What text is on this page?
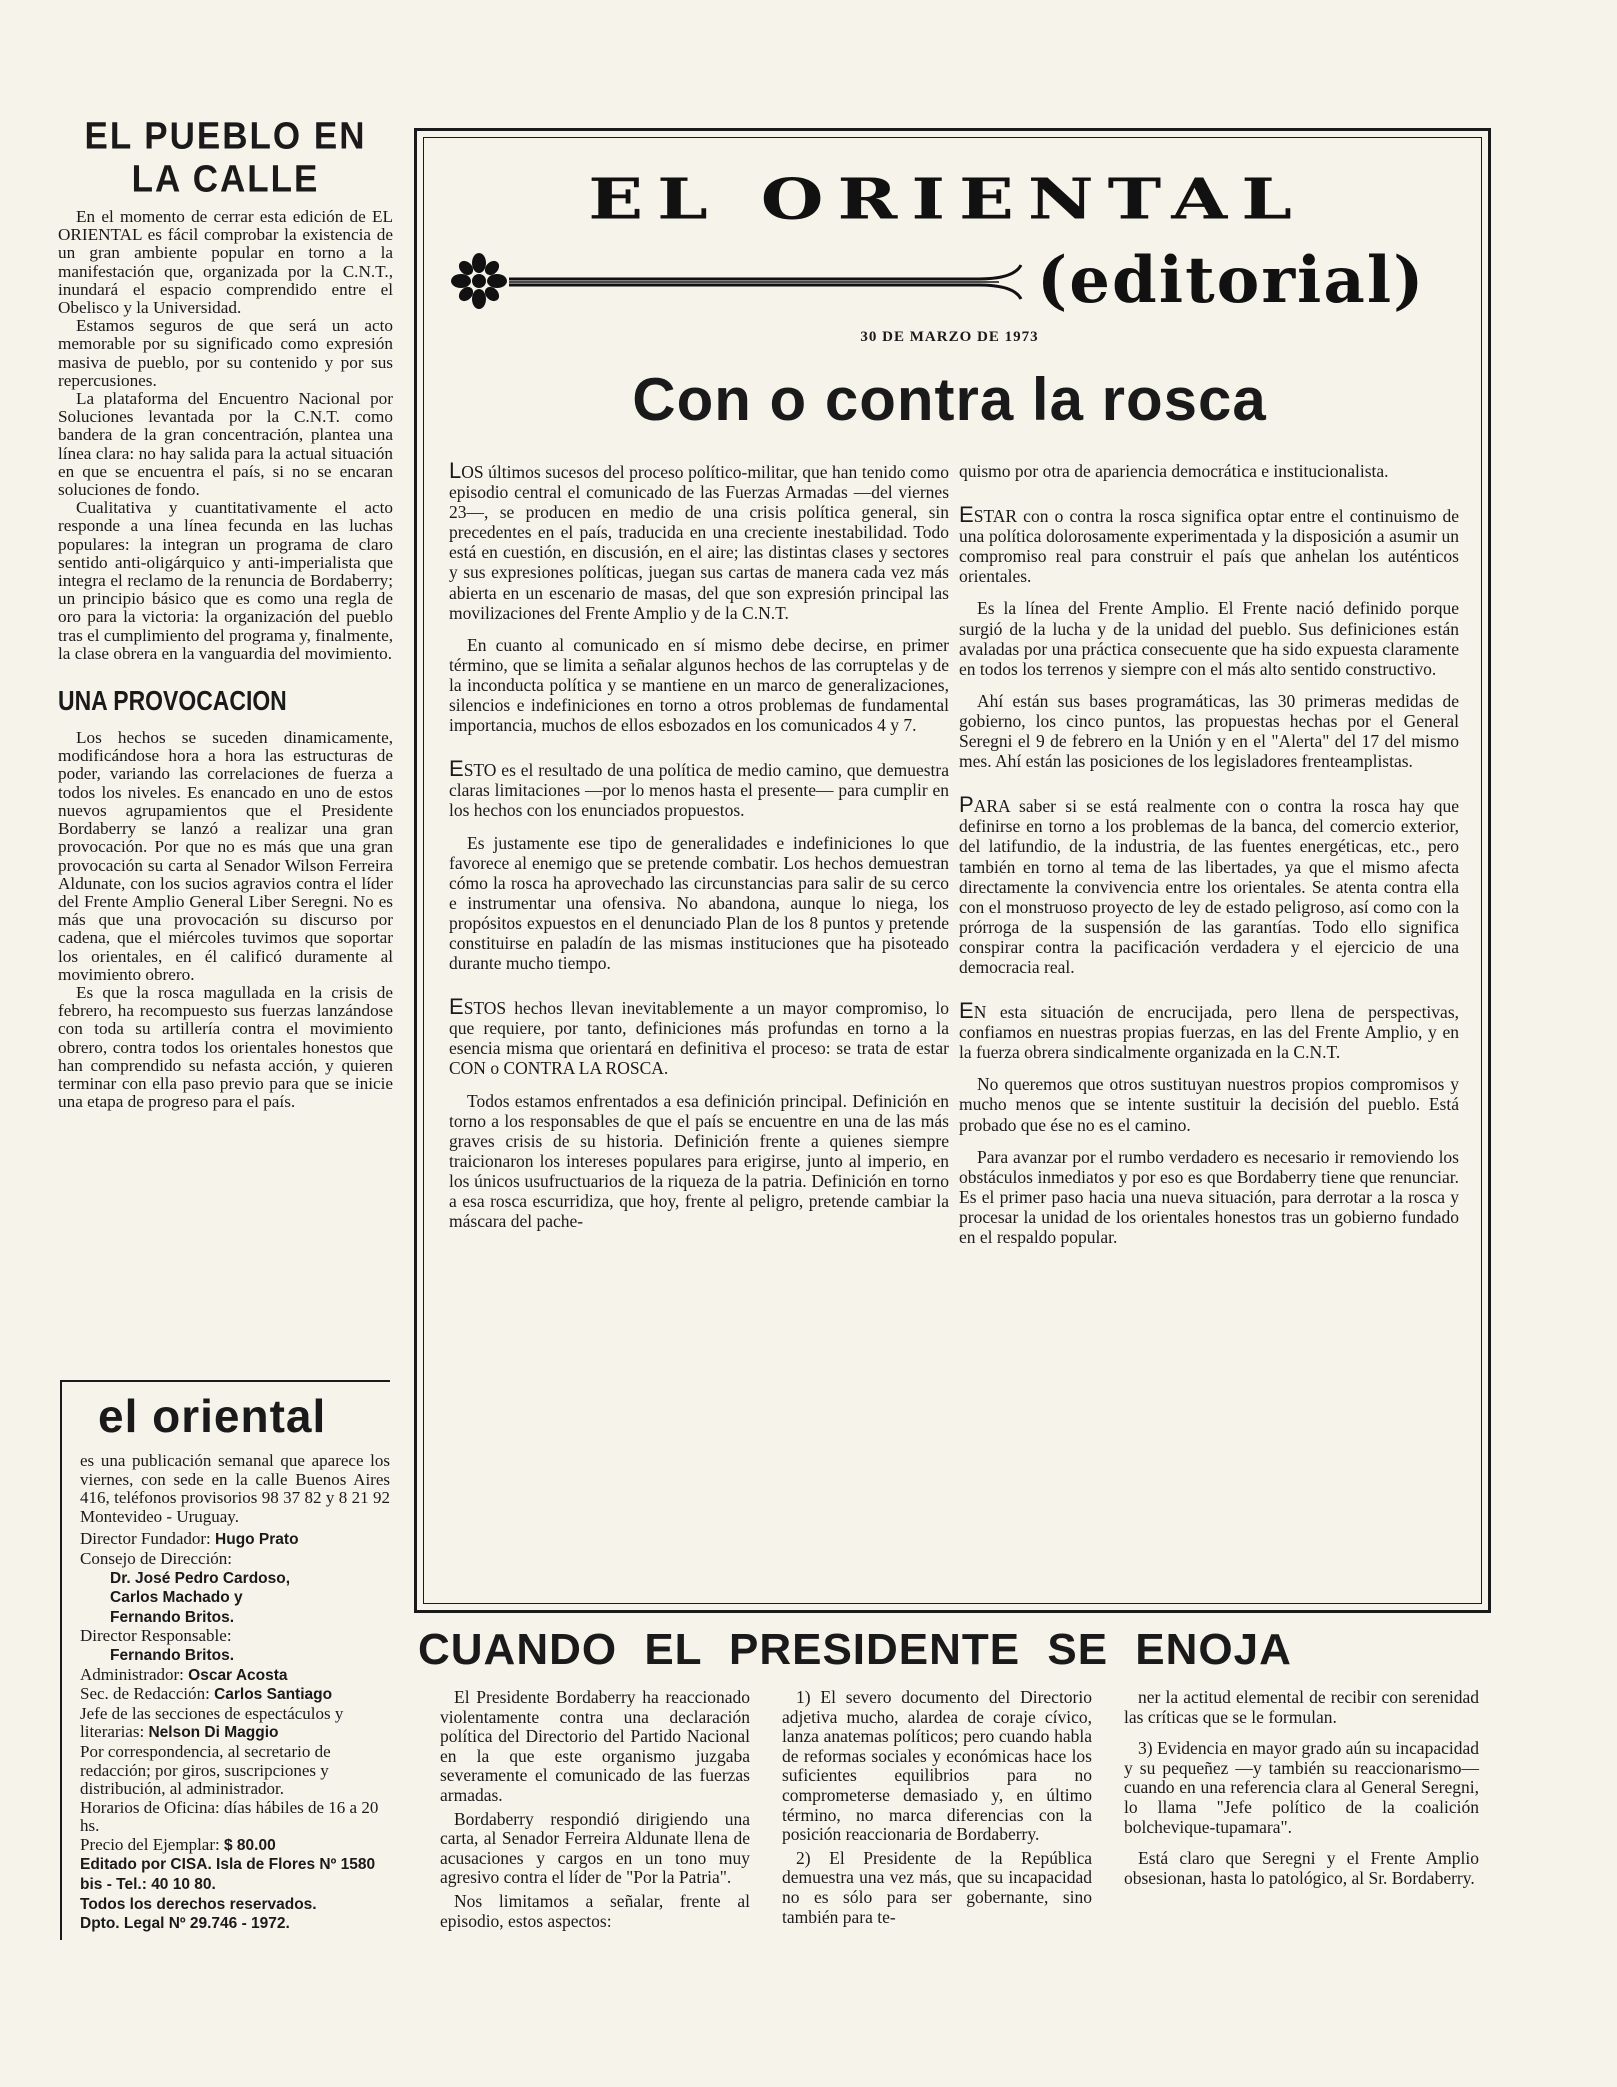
EL PUEBLO EN LA CALLE

En el momento de cerrar esta edición de EL ORIENTAL es fácil comprobar la existencia de un gran ambiente popular en torno a la manifestación que, organizada por la C.N.T., inundará el espacio comprendido entre el Obelisco y la Universidad.

Estamos seguros de que será un acto memorable por su significado como expresión masiva de pueblo, por su contenido y por sus repercusiones.

La plataforma del Encuentro Nacional por Soluciones levantada por la C.N.T. como bandera de la gran concentración, plantea una línea clara: no hay salida para la actual situación en que se encuentra el país, si no se encaran soluciones de fondo.

Cualitativa y cuantitativamente el acto responde a una línea fecunda en las luchas populares: la integran un programa de claro sentido anti-oligárquico y anti-imperialista que integra el reclamo de la renuncia de Bordaberry; un principio básico que es como una regla de oro para la victoria: la organización del pueblo tras el cumplimiento del programa y, finalmente, la clase obrera en la vanguardia del movimiento.

UNA PROVOCACION

Los hechos se suceden dinamicamente, modificándose hora a hora las estructuras de poder, variando las correlaciones de fuerza a todos los niveles. Es enancado en uno de estos nuevos agrupamientos que el Presidente Bordaberry se lanzó a realizar una gran provocación. Por que no es más que una gran provocación su carta al Senador Wilson Ferreira Aldunate, con los sucios agravios contra el líder del Frente Amplio General Liber Seregni. No es más que una provocación su discurso por cadena, que el miércoles tuvimos que soportar los orientales, en él calificó duramente al movimiento obrero.

Es que la rosca magullada en la crisis de febrero, ha recompuesto sus fuerzas lanzándose con toda su artillería contra el movimiento obrero, contra todos los orientales honestos que han comprendido su nefasta acción, y quieren terminar con ella paso previo para que se inicie una etapa de progreso para el país.

el oriental

es una publicación semanal que aparece los viernes, con sede en la calle Buenos Aires 416, teléfonos provisorios 98 37 82 y 8 21 92 Montevideo - Uruguay.

Director Fundador: Hugo Prato

Consejo de Dirección:

Dr. José Pedro Cardoso,

Carlos Machado y

Fernando Britos.

Director Responsable:

Fernando Britos.

Administrador: Oscar Acosta

Sec. de Redacción: Carlos Santiago

Jefe de las secciones de espectáculos y literarias: Nelson Di Maggio

Por correspondencia, al secretario de redacción; por giros, suscripciones y distribución, al administrador.

Horarios de Oficina: días hábiles de 16 a 20 hs.

Precio del Ejemplar: $ 80.00

Editado por CISA. Isla de Flores Nº 1580 bis - Tel.: 40 10 80.

Todos los derechos reservados.

Dpto. Legal Nº 29.746 - 1972.

EL ORIENTAL
(editorial)
30 DE MARZO DE 1973
Con o contra la rosca

LOS últimos sucesos del proceso político-militar, que han tenido como episodio central el comunicado de las Fuerzas Armadas —del viernes 23—, se producen en medio de una crisis política general, sin precedentes en el país, traducida en una creciente inestabilidad. Todo está en cuestión, en discusión, en el aire; las distintas clases y sectores y sus expresiones políticas, juegan sus cartas de manera cada vez más abierta en un escenario de masas, del que son expresión principal las movilizaciones del Frente Amplio y de la C.N.T.

En cuanto al comunicado en sí mismo debe decirse, en primer término, que se limita a señalar algunos hechos de las corruptelas y de la inconducta política y se mantiene en un marco de generalizaciones, silencios e indefiniciones en torno a otros problemas de fundamental importancia, muchos de ellos esbozados en los comunicados 4 y 7.

ESTO es el resultado de una política de medio camino, que demuestra claras limitaciones —por lo menos hasta el presente— para cumplir en los hechos con los enunciados propuestos.

Es justamente ese tipo de generalidades e indefiniciones lo que favorece al enemigo que se pretende combatir. Los hechos demuestran cómo la rosca ha aprovechado las circunstancias para salir de su cerco e instrumentar una ofensiva. No abandona, aunque lo niega, los propósitos expuestos en el denunciado Plan de los 8 puntos y pretende constituirse en paladín de las mismas instituciones que ha pisoteado durante mucho tiempo.

ESTOS hechos llevan inevitablemente a un mayor compromiso, lo que requiere, por tanto, definiciones más profundas en torno a la esencia misma que orientará en definitiva el proceso: se trata de estar CON o CONTRA LA ROSCA.

Todos estamos enfrentados a esa definición principal. Definición en torno a los responsables de que el país se encuentre en una de las más graves crisis de su historia. Definición frente a quienes siempre traicionaron los intereses populares para erigirse, junto al imperio, en los únicos usufructuarios de la riqueza de la patria. Definición en torno a esa rosca escurridiza, que hoy, frente al peligro, pretende cambiar la máscara del pache-

quismo por otra de apariencia democrática e institucionalista.

ESTAR con o contra la rosca significa optar entre el continuismo de una política dolorosamente experimentada y la disposición a asumir un compromiso real para construir el país que anhelan los auténticos orientales.

Es la línea del Frente Amplio. El Frente nació definido porque surgió de la lucha y de la unidad del pueblo. Sus definiciones están avaladas por una práctica consecuente que ha sido expuesta claramente en todos los terrenos y siempre con el más alto sentido constructivo.

Ahí están sus bases programáticas, las 30 primeras medidas de gobierno, los cinco puntos, las propuestas hechas por el General Seregni el 9 de febrero en la Unión y en el "Alerta" del 17 del mismo mes. Ahí están las posiciones de los legisladores frenteamplistas.

PARA saber si se está realmente con o contra la rosca hay que definirse en torno a los problemas de la banca, del comercio exterior, del latifundio, de la industria, de las fuentes energéticas, etc., pero también en torno al tema de las libertades, ya que el mismo afecta directamente la convivencia entre los orientales. Se atenta contra ella con el monstruoso proyecto de ley de estado peligroso, así como con la prórroga de la suspensión de las garantías. Todo ello significa conspirar contra la pacificación verdadera y el ejercicio de una democracia real.

EN esta situación de encrucijada, pero llena de perspectivas, confiamos en nuestras propias fuerzas, en las del Frente Amplio, y en la fuerza obrera sindicalmente organizada en la C.N.T.

No queremos que otros sustituyan nuestros propios compromisos y mucho menos que se intente sustituir la decisión del pueblo. Está probado que ése no es el camino.

Para avanzar por el rumbo verdadero es necesario ir removiendo los obstáculos inmediatos y por eso es que Bordaberry tiene que renunciar. Es el primer paso hacia una nueva situación, para derrotar a la rosca y procesar la unidad de los orientales honestos tras un gobierno fundado en el respaldo popular.

CUANDO EL PRESIDENTE SE ENOJA

El Presidente Bordaberry ha reaccionado violentamente contra una declaración política del Directorio del Partido Nacional en la que este organismo juzgaba severamente el comunicado de las fuerzas armadas.

Bordaberry respondió dirigiendo una carta, al Senador Ferreira Aldunate llena de acusaciones y cargos en un tono muy agresivo contra el líder de "Por la Patria".

Nos limitamos a señalar, frente al episodio, estos aspectos:

1) El severo documento del Directorio adjetiva mucho, alardea de coraje cívico, lanza anatemas políticos; pero cuando habla de reformas sociales y económicas hace los suficientes equilibrios para no comprometerse demasiado y, en último término, no marca diferencias con la posición reaccionaria de Bordaberry.

2) El Presidente de la República demuestra una vez más, que su incapacidad no es sólo para ser gobernante, sino también para te-

ner la actitud elemental de recibir con serenidad las críticas que se le formulan.

3) Evidencia en mayor grado aún su incapacidad y su pequeñez —y también su reaccionarismo— cuando en una referencia clara al General Seregni, lo llama "Jefe político de la coalición bolchevique-tupamara".

Está claro que Seregni y el Frente Amplio obsesionan, hasta lo patológico, al Sr. Bordaberry.
